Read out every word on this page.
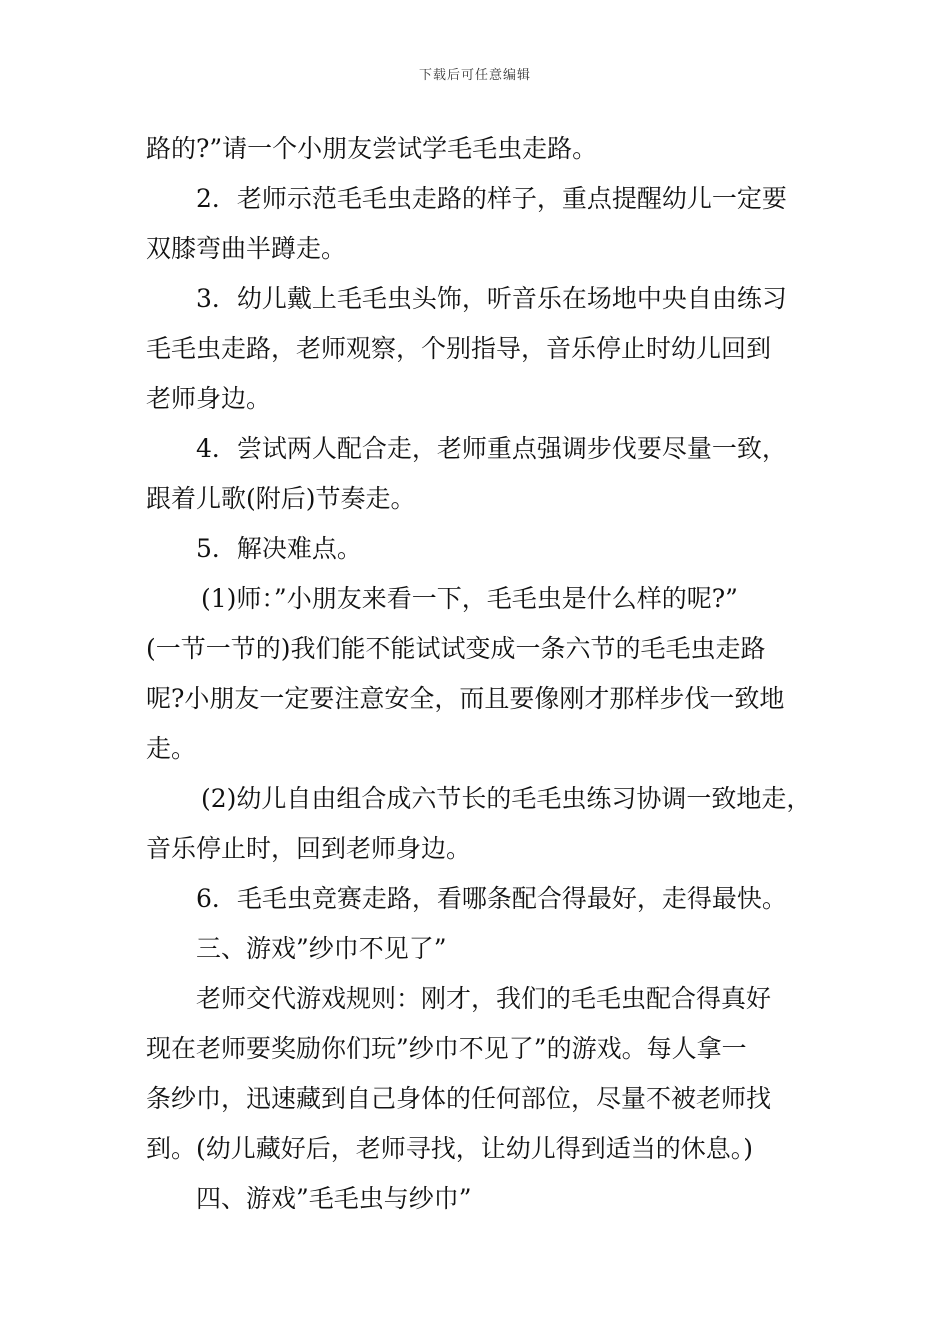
下载后可任意编辑
路的?”请一个小朋友尝试学毛毛虫走路。
2．老师示范毛毛虫走路的样子，重点提醒幼儿一定要
双膝弯曲半蹲走。
3．幼儿戴上毛毛虫头饰，听音乐在场地中央自由练习
毛毛虫走路，老师观察，个别指导，音乐停止时幼儿回到
老师身边。
4．尝试两人配合走，老师重点强调步伐要尽量一致，
跟着儿歌(附后)节奏走。
5．解决难点。
(1)师：”小朋友来看一下，毛毛虫是什么样的呢?”
(一节一节的)我们能不能试试变成一条六节的毛毛虫走路
呢?小朋友一定要注意安全，而且要像刚才那样步伐一致地
走。
(2)幼儿自由组合成六节长的毛毛虫练习协调一致地走，
音乐停止时，回到老师身边。
6．毛毛虫竞赛走路，看哪条配合得最好，走得最快。
三、游戏”纱巾不见了”
老师交代游戏规则：刚才，我们的毛毛虫配合得真好
现在老师要奖励你们玩”纱巾不见了”的游戏。每人拿一
条纱巾，迅速藏到自己身体的任何部位，尽量不被老师找
到。(幼儿藏好后，老师寻找，让幼儿得到适当的休息。)
四、游戏”毛毛虫与纱巾”
